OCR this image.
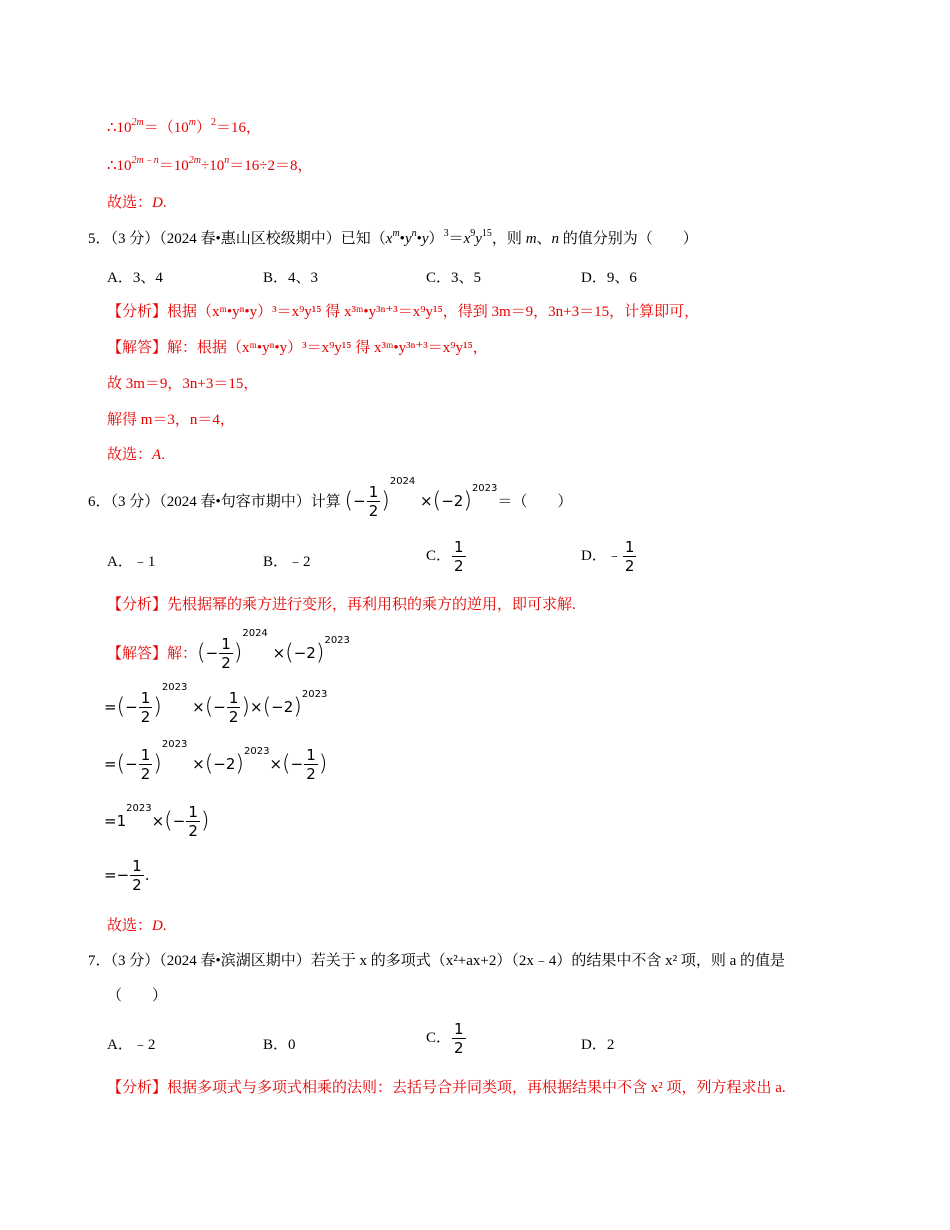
$\therefore 10^{2m}=(10^m)^2=16$，
$\therefore 10^{2m﹣n}=10^{2m}\div 10^n=16\div 2=8$，
故选：D.
5．（3 分）（2024 春•惠山区校级期中）已知$(x^m•y^n•y)^3=x^9y^{15}$，则 m、n 的值分别为（　　）
A．3、4	B．4、3	C．3、5	D．9、6
【分析】根据（xᵐ•yⁿ•y）³＝x⁹y¹⁵ 得 x³ᵐ•y³ⁿ⁺³＝x⁹y¹⁵，得到 3m＝9，3n+3＝15，计算即可，
【解答】解：根据（xᵐ•yⁿ•y）³＝x⁹y¹⁵ 得 x³ᵐ•y³ⁿ⁺³＝x⁹y¹⁵，
故 3m＝9，3n+3＝15，
解得 m＝3，n＝4，
故选：A.
6．（3 分）（2024 春•句容市期中）计算 (− $\frac{1}{2} )^{2024} \times(-2)^{2023}=$（　　）
A．﹣1	B．﹣2	C． $\frac{1}{2}$	D．﹣ $\frac{1}{2}$
【分析】先根据幂的乘方进行变形，再利用积的乘方的逆用，即可求解.
【解答】解：(− $\frac{1}{2} )^{2024} \times(-2)^{2023}$
=(− $\frac{1}{2} )^{2023}$ ×(− $\frac{1}{2} )\times(-2)^{2023}$
=(− $\frac{1}{2} )^{2023} \times(-2)^{2023}\times(- \frac{1}{2}$ )
$=1^{2023}\times(- \frac{1}{2}$ )
=− $\frac{1}{2}$ .
故选：D.
7．（3 分）（2024 春•滨湖区期中）若关于 x 的多项式（x²+ax+2）（2x﹣4）的结果中不含 x² 项，则 a 的值是
（　　）
A．﹣2	B．0	C． $\frac{1}{2}$	D．2
【分析】根据多项式与多项式相乘的法则：去括号合并同类项，再根据结果中不含 x² 项，列方程求出 a.
